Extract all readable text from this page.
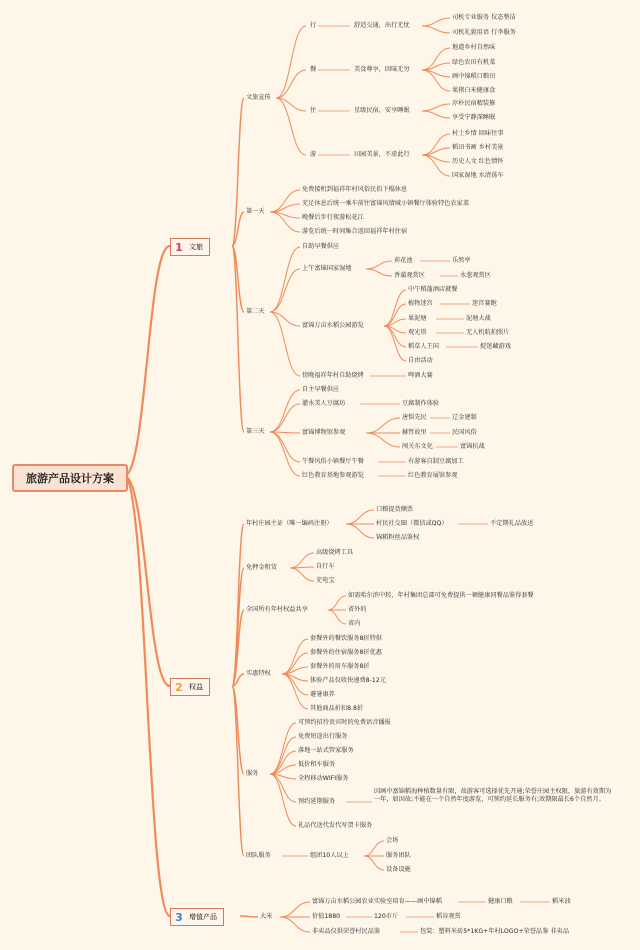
旅游产品设计方案
1 文旅
2 权益
3 增值产品
文旅宣传
行	舒适交通，出行无忧
司机专业服务 仪态整洁
司机礼貌用语 行李服务
餐	美食尊享，回味无穷
地道乡村自然味
绿色农田有机菜
画中锦稻口粮田
果猪白米健康食
住	星级民宿，安享睡眠
淳朴民宿精装修
享受宁静深睡眠
游	田园美景，不虚此行
村土乡情 回味往事
稻田书画 乡村美景
历史人文 红色情怀
国家湿地 水清荡车
第一天
免费接机到福祥年村风俗民俗下榻休息
充足休息后统一乘车前往富锦风情城小镇餐厅体验特色农家菜
晚餐后步行夜游松花江
游览后统一时间集合返回福祥年村住宿
第二天
自助早餐供应
上午富锦国家湿地
荷花池	乐然亭
香蒲观赏区	水葱观赏区
富锦万亩水稻公园游览
中午稻蓬酒店就餐
植物迷宫	迷宫赛跑
果泥塘	泥塘大战
观光塔	无人机航拍照片
稻草人王国	捉迷藏游戏
自由活动
傍晚福祥年村自助烧烤	啤酒大赛
第三天
自主早餐供应
灌水美人豆腐坊	豆腐制作体验
富锦博物馆参观
唐惧先民	辽金建制
赫哲故里	民国风俗
闯关东文化	富锦抗战
午餐风俗小镇餐厅午餐	有游客自制豆腐加工
红色教育基地参观游览	红色教育展馆参观
年村庄园主证（唯一编码注册）
口粮提货额票
村民社交圈（微信或QQ）	不定期礼品放送
锦稻粉丝品鉴权
免押金租赁
高级烧烤工具
自行车
充电宝
全国所有年村权益共享
如需哈尔滨中转，年村集团总部可免费提供一顿健康同餐品鉴得套餐
省外的
省内
实惠特权
套餐外的餐饮服务8折特供
套餐外的住宿服务8折优惠
套餐外的用车服务8折
体验产品仅收快递费8-12元
避暑康养
其他商品折扣8.8折
服务
可预约招待贵宾时的免费语音播报
免费短途出行服务
落地一站式管家服务
低价租车服务
全程移动WIFI服务
预约延期服务
因画中富锦稻海种植数量有限，故游客可选择优先开通;荣誉庄园主权限，旅游有效期为一年，如因故;不能在一个自然年度游览，可预约延长服务有;效期限最长6个自然月。
礼品代送代发代写贺卡服务
团队服务	组团10人以上
会场
服务团队
设备设施
大米
富锦万亩水稻公园农业实验室培育——画中锦稻	健康口粮	稻米油
价值1880	120市斤	稻谷观赏
非卖品仅供荣誉村民品鉴	包装：塑料米砖5*1KG+年村LOGO+荣誉品鉴 非卖品
